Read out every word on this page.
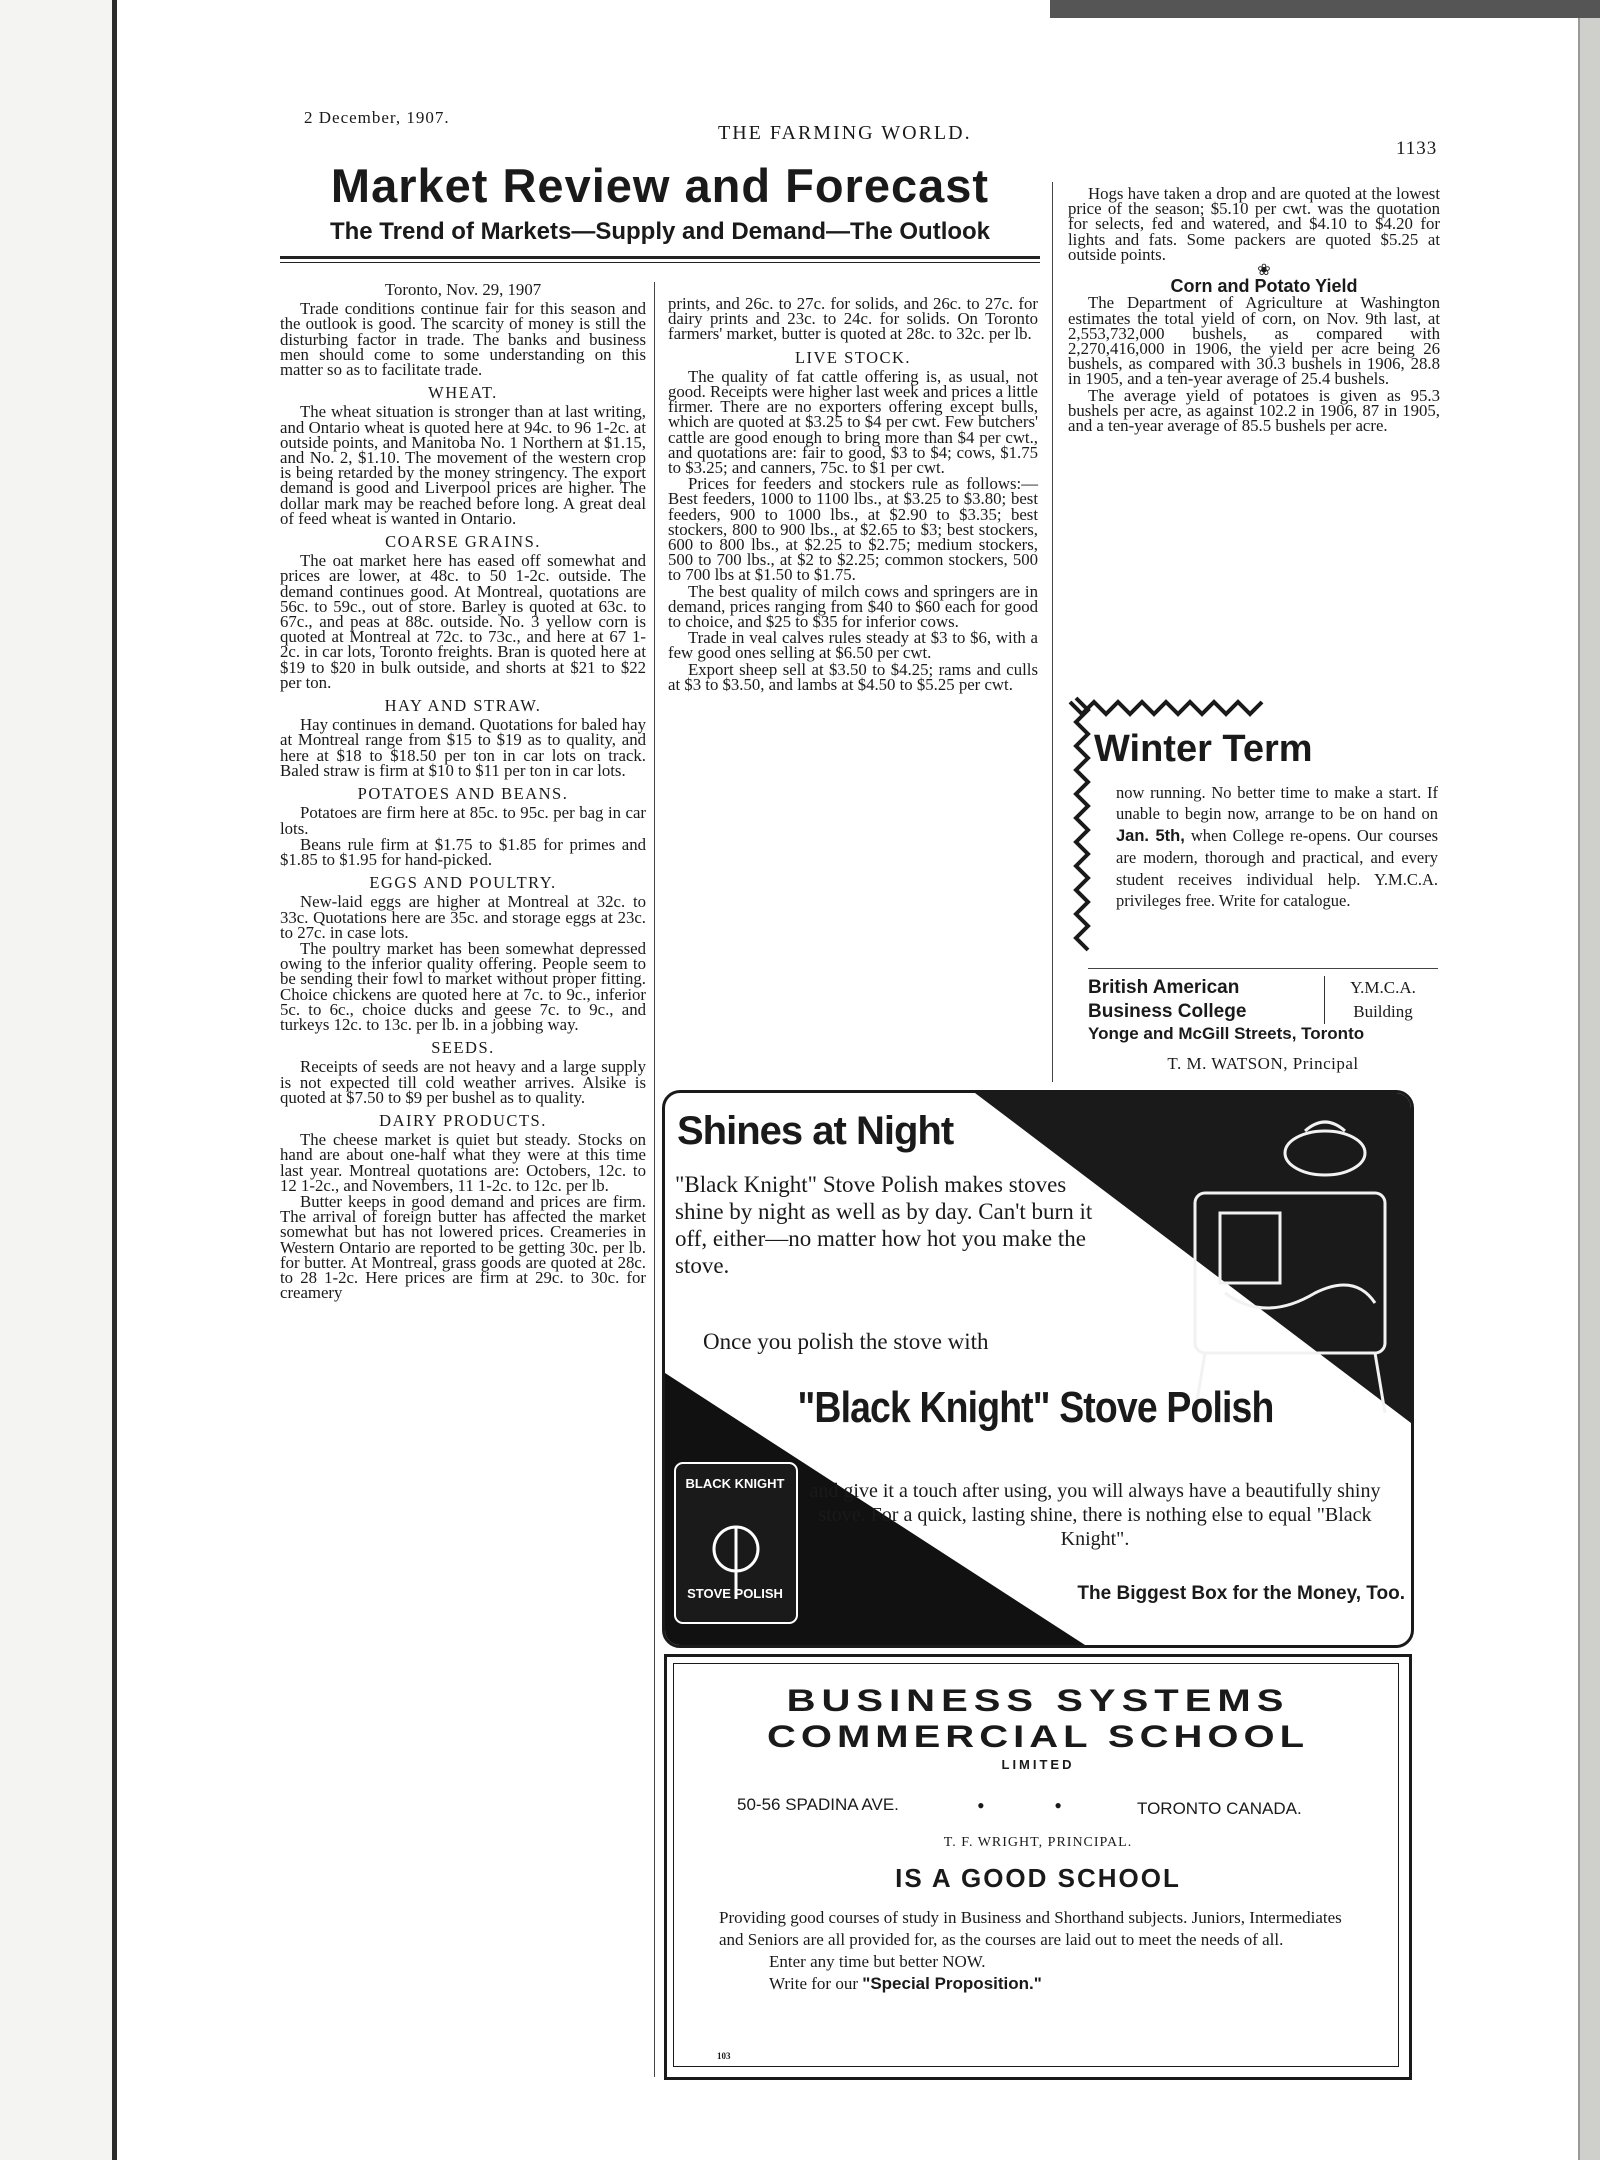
2 December, 1907.
THE FARMING WORLD.
1133
Market Review and Forecast
The Trend of Markets—Supply and Demand—The Outlook

Toronto, Nov. 29, 1907

Trade conditions continue fair for this season and the outlook is good. The scarcity of money is still the disturbing factor in trade. The banks and business men should come to some understanding on this matter so as to facilitate trade.

WHEAT.

The wheat situation is stronger than at last writing, and Ontario wheat is quoted here at 94c. to 96 1-2c. at outside points, and Manitoba No. 1 Northern at $1.15, and No. 2, $1.10. The movement of the western crop is being retarded by the money stringency. The export demand is good and Liverpool prices are higher. The dollar mark may be reached before long. A great deal of feed wheat is wanted in Ontario.

COARSE GRAINS.

The oat market here has eased off somewhat and prices are lower, at 48c. to 50 1-2c. outside. The demand continues good. At Montreal, quotations are 56c. to 59c., out of store. Barley is quoted at 63c. to 67c., and peas at 88c. outside. No. 3 yellow corn is quoted at Montreal at 72c. to 73c., and here at 67 1-2c. in car lots, Toronto freights. Bran is quoted here at $19 to $20 in bulk outside, and shorts at $21 to $22 per ton.

HAY AND STRAW.

Hay continues in demand. Quotations for baled hay at Montreal range from $15 to $19 as to quality, and here at $18 to $18.50 per ton in car lots on track. Baled straw is firm at $10 to $11 per ton in car lots.

POTATOES AND BEANS.

Potatoes are firm here at 85c. to 95c. per bag in car lots.

Beans rule firm at $1.75 to $1.85 for primes and $1.85 to $1.95 for hand-picked.

EGGS AND POULTRY.

New-laid eggs are higher at Montreal at 32c. to 33c. Quotations here are 35c. and storage eggs at 23c. to 27c. in case lots.

The poultry market has been somewhat depressed owing to the inferior quality offering. People seem to be sending their fowl to market without proper fitting. Choice chickens are quoted here at 7c. to 9c., inferior 5c. to 6c., choice ducks and geese 7c. to 9c., and turkeys 12c. to 13c. per lb. in a jobbing way.

SEEDS.

Receipts of seeds are not heavy and a large supply is not expected till cold weather arrives. Alsike is quoted at $7.50 to $9 per bushel as to quality.

DAIRY PRODUCTS.

The cheese market is quiet but steady. Stocks on hand are about one-half what they were at this time last year. Montreal quotations are: Octobers, 12c. to 12 1-2c., and Novembers, 11 1-2c. to 12c. per lb.

Butter keeps in good demand and prices are firm. The arrival of foreign butter has affected the market somewhat but has not lowered prices. Creameries in Western Ontario are reported to be getting 30c. per lb. for butter. At Montreal, grass goods are quoted at 28c. to 28 1-2c. Here prices are firm at 29c. to 30c. for creamery

prints, and 26c. to 27c. for solids, and 26c. to 27c. for dairy prints and 23c. to 24c. for solids. On Toronto farmers' market, butter is quoted at 28c. to 32c. per lb.

LIVE STOCK.

The quality of fat cattle offering is, as usual, not good. Receipts were higher last week and prices a little firmer. There are no exporters offering except bulls, which are quoted at $3.25 to $4 per cwt. Few butchers' cattle are good enough to bring more than $4 per cwt., and quotations are: fair to good, $3 to $4; cows, $1.75 to $3.25; and canners, 75c. to $1 per cwt.

Prices for feeders and stockers rule as follows:—Best feeders, 1000 to 1100 lbs., at $3.25 to $3.80; best feeders, 900 to 1000 lbs., at $2.90 to $3.35; best stockers, 800 to 900 lbs., at $2.65 to $3; best stockers, 600 to 800 lbs., at $2.25 to $2.75; medium stockers, 500 to 700 lbs., at $2 to $2.25; common stockers, 500 to 700 lbs at $1.50 to $1.75.

The best quality of milch cows and springers are in demand, prices ranging from $40 to $60 each for good to choice, and $25 to $35 for inferior cows.

Trade in veal calves rules steady at $3 to $6, with a few good ones selling at $6.50 per cwt.

Export sheep sell at $3.50 to $4.25; rams and culls at $3 to $3.50, and lambs at $4.50 to $5.25 per cwt.

Hogs have taken a drop and are quoted at the lowest price of the season; $5.10 per cwt. was the quotation for selects, fed and watered, and $4.10 to $4.20 for lights and fats. Some packers are quoted $5.25 at outside points.

❀

Corn and Potato Yield

The Department of Agriculture at Washington estimates the total yield of corn, on Nov. 9th last, at 2,553,732,000 bushels, as compared with 2,270,416,000 in 1906, the yield per acre being 26 bushels, as compared with 30.3 bushels in 1906, 28.8 in 1905, and a ten-year average of 25.4 bushels.

The average yield of potatoes is given as 95.3 bushels per acre, as against 102.2 in 1906, 87 in 1905, and a ten-year average of 85.5 bushels per acre.

Winter Term
now running. No better time to make a start. If unable to begin now, arrange to be on hand on Jan. 5th, when College re-opens. Our courses are modern, thorough and practical, and every student receives individual help. Y.M.C.A. privileges free. Write for catalogue.
British American
Business College
Y.M.C.A.
Building
Yonge and McGill Streets, Toronto
T. M. WATSON, Principal
Shines at Night
"Black Knight" Stove Polish makes stoves shine by night as well as by day. Can't burn it off, either—no matter how hot you make the stove.
Once you polish the stove with
"Black Knight" Stove Polish
and give it a touch after using, you will always have a beautifully shiny stove. For a quick, lasting shine, there is nothing else to equal "Black Knight".
The Biggest Box for the Money, Too.
BLACK KNIGHT
STOVE POLISH
BUSINESS SYSTEMS
COMMERCIAL SCHOOL
LIMITED
50-56 SPADINA AVE.	• •	TORONTO CANADA.
T. F. WRIGHT, PRINCIPAL.
IS A GOOD SCHOOL
Providing good courses of study in Business and Shorthand subjects. Juniors, Intermediates and Seniors are all provided for, as the courses are laid out to meet the needs of all.
Enter any time but better NOW.
Write for our "Special Proposition."
103
